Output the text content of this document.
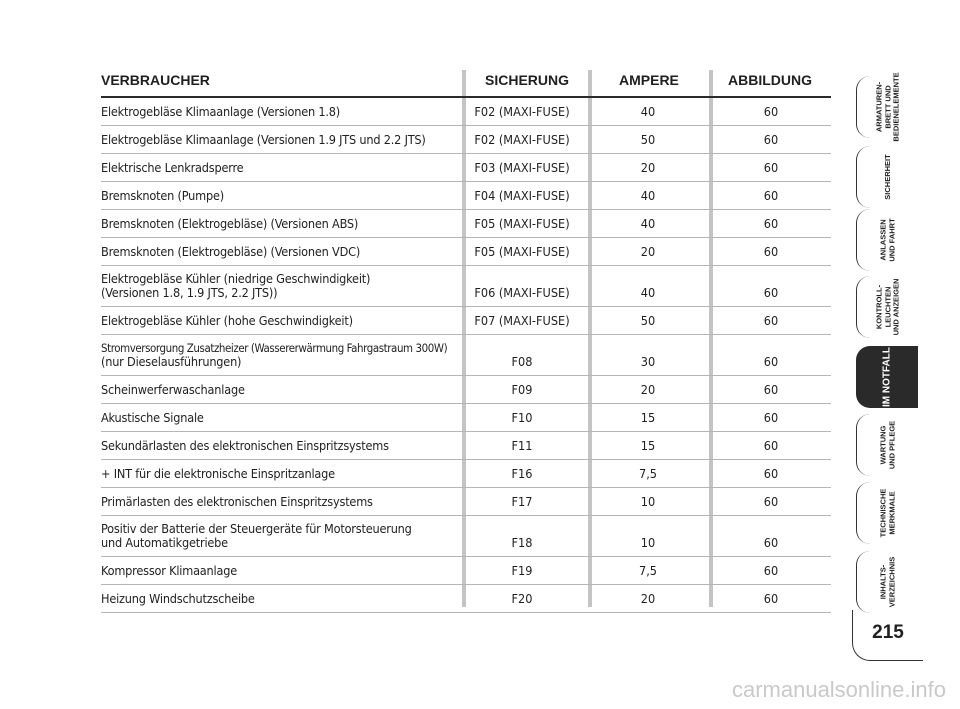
VERBRAUCHER	SICHERUNG	AMPERE	ABBILDUNG
Elektrogebläse Klimaanlage (Versionen 1.8)	F02 (MAXI-FUSE)	40	60
Elektrogebläse Klimaanlage (Versionen 1.9 JTS und 2.2 JTS)	F02 (MAXI-FUSE)	50	60
Elektrische Lenkradsperre	F03 (MAXI-FUSE)	20	60
Bremsknoten (Pumpe)	F04 (MAXI-FUSE)	40	60
Bremsknoten (Elektrogebläse) (Versionen ABS)	F05 (MAXI-FUSE)	40	60
Bremsknoten (Elektrogebläse) (Versionen VDC)	F05 (MAXI-FUSE)	20	60
Elektrogebläse Kühler (niedrige Geschwindigkeit)
(Versionen 1.8, 1.9 JTS, 2.2 JTS))	F06 (MAXI-FUSE)	40	60
Elektrogebläse Kühler (hohe Geschwindigkeit)	F07 (MAXI-FUSE)	50	60
Stromversorgung Zusatzheizer (Wassererwärmung Fahrgastraum 300W)
(nur Dieselausführungen)	F08	30	60
Scheinwerferwaschanlage	F09	20	60
Akustische Signale	F10	15	60
Sekundärlasten des elektronischen Einspritzsystems	F11	15	60
+ INT für die elektronische Einspritzanlage	F16	7,5	60
Primärlasten des elektronischen Einspritzsystems	F17	10	60
Positiv der Batterie der Steuergeräte für Motorsteuerung
und Automatikgetriebe	F18	10	60
Kompressor Klimaanlage	F19	7,5	60
Heizung Windschutzscheibe	F20	20	60
ARMATUREN-
BRETT UND
BEDIENELEMENTE
SICHERHEIT
ANLASSEN
UND FAHRT
KONTROLL-
LEUCHTEN
UND ANZEIGEN
IM NOTFALL
WARTUNG
UND PFLEGE
TECHNISCHE
MERKMALE
INHALTS-
VERZEICHNIS
215
carmanualsonline.info
